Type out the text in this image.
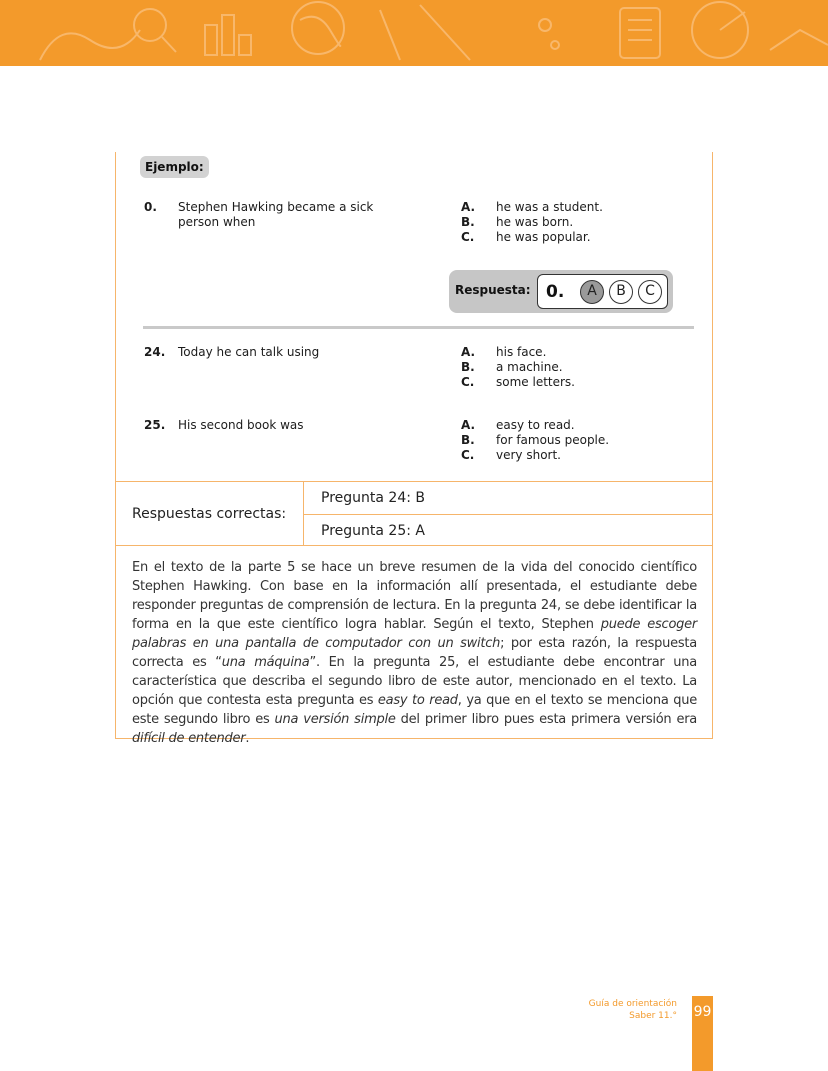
Ejemplo:
0. Stephen Hawking became a sick person when
A.	he was a student.
B.	he was born.
C.	he was popular.
Respuesta: 0.	A	B	C
24. Today he can talk using	A.	his face.
B.	a machine.
C.	some letters.
25. His second book was	A.	easy to read.
B.	for famous people.
C.	very short.
Respuestas correctas:
Pregunta 24: B
Pregunta 25: A
En el texto de la parte 5 se hace un breve resumen de la vida del conocido científico Stephen Hawking. Con base en la información allí presentada, el estudiante debe responder preguntas de comprensión de lectura. En la pregunta 24, se debe identificar la forma en la que este científico logra hablar. Según el texto, Stephen puede escoger palabras en una pantalla de computador con un switch; por esta razón, la respuesta correcta es “una máquina”. En la pregunta 25, el estudiante debe encontrar una característica que describa el segundo libro de este autor, mencionado en el texto. La opción que contesta esta pregunta es easy to read, ya que en el texto se menciona que este segundo libro es una versión simple del primer libro pues esta primera versión era difícil de entender.
Guía de orientación
Saber 11.° 99
